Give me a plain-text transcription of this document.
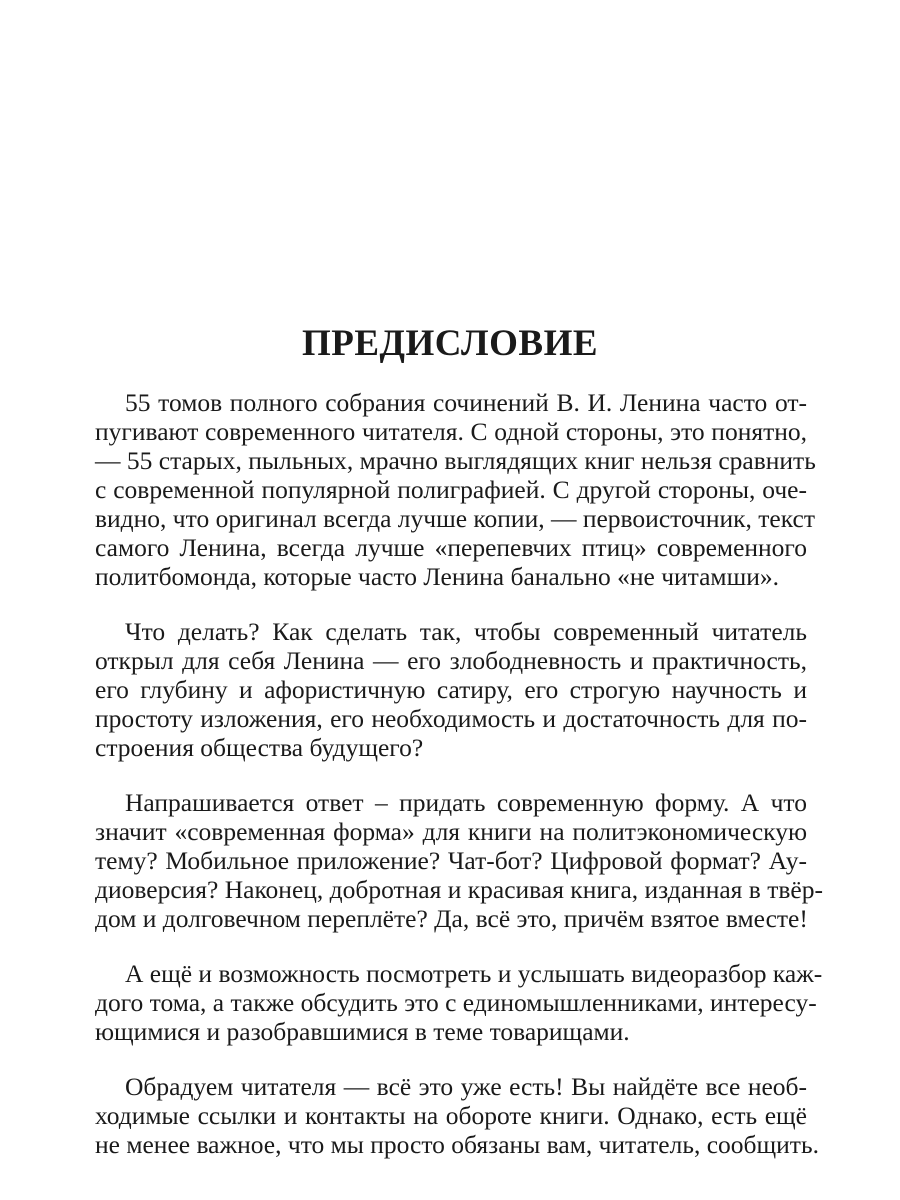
ПРЕДИСЛОВИЕ

55 томов полного собрания сочинений В. И. Ленина часто от-
пугивают современного читателя. С одной стороны, это понятно,
— 55 старых, пыльных, мрачно выглядящих книг нельзя сравнить
с современной популярной полиграфией. С другой стороны, оче-
видно, что оригинал всегда лучше копии, — первоисточник, текст
самого Ленина, всегда лучше «перепевчих птиц» современного
политбомонда, которые часто Ленина банально «не читамши».

Что делать? Как сделать так, чтобы современный читатель
открыл для себя Ленина — его злободневность и практичность,
его глубину и афористичную сатиру, его строгую научность и
простоту изложения, его необходимость и достаточность для по-
строения общества будущего?

Напрашивается ответ – придать современную форму. А что
значит «современная форма» для книги на политэкономическую
тему? Мобильное приложение? Чат-бот? Цифровой формат? Ау-
диоверсия? Наконец, добротная и красивая книга, изданная в твёр-
дом и долговечном переплёте? Да, всё это, причём взятое вместе!

А ещё и возможность посмотреть и услышать видеоразбор каж-
дого тома, а также обсудить это с единомышленниками, интересу-
ющимися и разобравшимися в теме товарищами.

Обрадуем читателя — всё это уже есть! Вы найдёте все необ-
ходимые ссылки и контакты на обороте книги. Однако, есть ещё
не менее важное, что мы просто обязаны вам, читатель, сообщить.
